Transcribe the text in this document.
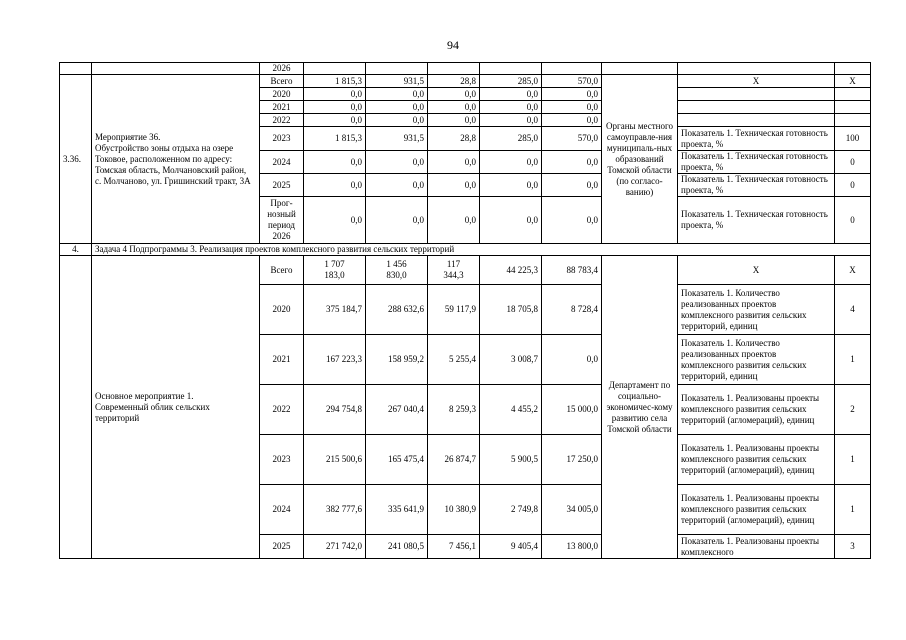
94
		2026								
3.36.	Мероприятие 36.
Обустройство зоны отдыха на озере Токовое, расположенном по адресу: Томская область, Молчановский район,
с. Молчаново, ул. Гришинский тракт, 3А	Всего	1 815,3	931,5	28,8	285,0	570,0	Органы местного самоуправле-ния муниципаль-ных образований Томской области (по согласо-ванию)	Х	Х
		2020	0,0	0,0	0,0	0,0	0,0			
		2021	0,0	0,0	0,0	0,0	0,0			
		2022	0,0	0,0	0,0	0,0	0,0			
		2023	1 815,3	931,5	28,8	285,0	570,0		Показатель 1. Техническая готовность проекта, %	100
		2024	0,0	0,0	0,0	0,0	0,0		Показатель 1. Техническая готовность проекта, %	0
		2025	0,0	0,0	0,0	0,0	0,0		Показатель 1. Техническая готовность проекта, %	0
		Прог-
нозный
период
2026	0,0	0,0	0,0	0,0	0,0		Показатель 1. Техническая готовность проекта, %	0
4.	Задача 4 Подпрограммы 3. Реализация проектов комплексного развития сельских территорий									
	Основное мероприятие 1.
Современный облик сельских территорий	Всего	1 707
183,0	1 456
830,0	117
344,3	44 225,3	88 783,4	Департамент по социально-экономичес-кому развитию села Томской области	Х	Х
		2020	375 184,7	288 632,6	59 117,9	18 705,8	8 728,4		Показатель 1. Количество реализованных проектов комплексного развития сельских территорий, единиц	4
		2021	167 223,3	158 959,2	5 255,4	3 008,7	0,0		Показатель 1. Количество реализованных проектов комплексного развития сельских территорий, единиц	1
		2022	294 754,8	267 040,4	8 259,3	4 455,2	15 000,0		Показатель 1. Реализованы проекты комплексного развития сельских территорий (агломераций), единиц	2
		2023	215 500,6	165 475,4	26 874,7	5 900,5	17 250,0		Показатель 1. Реализованы проекты комплексного развития сельских территорий (агломераций), единиц	1
		2024	382 777,6	335 641,9	10 380,9	2 749,8	34 005,0		Показатель 1. Реализованы проекты комплексного развития сельских территорий (агломераций), единиц	1
		2025	271 742,0	241 080,5	7 456,1	9 405,4	13 800,0		Показатель 1. Реализованы проекты комплексного	3
